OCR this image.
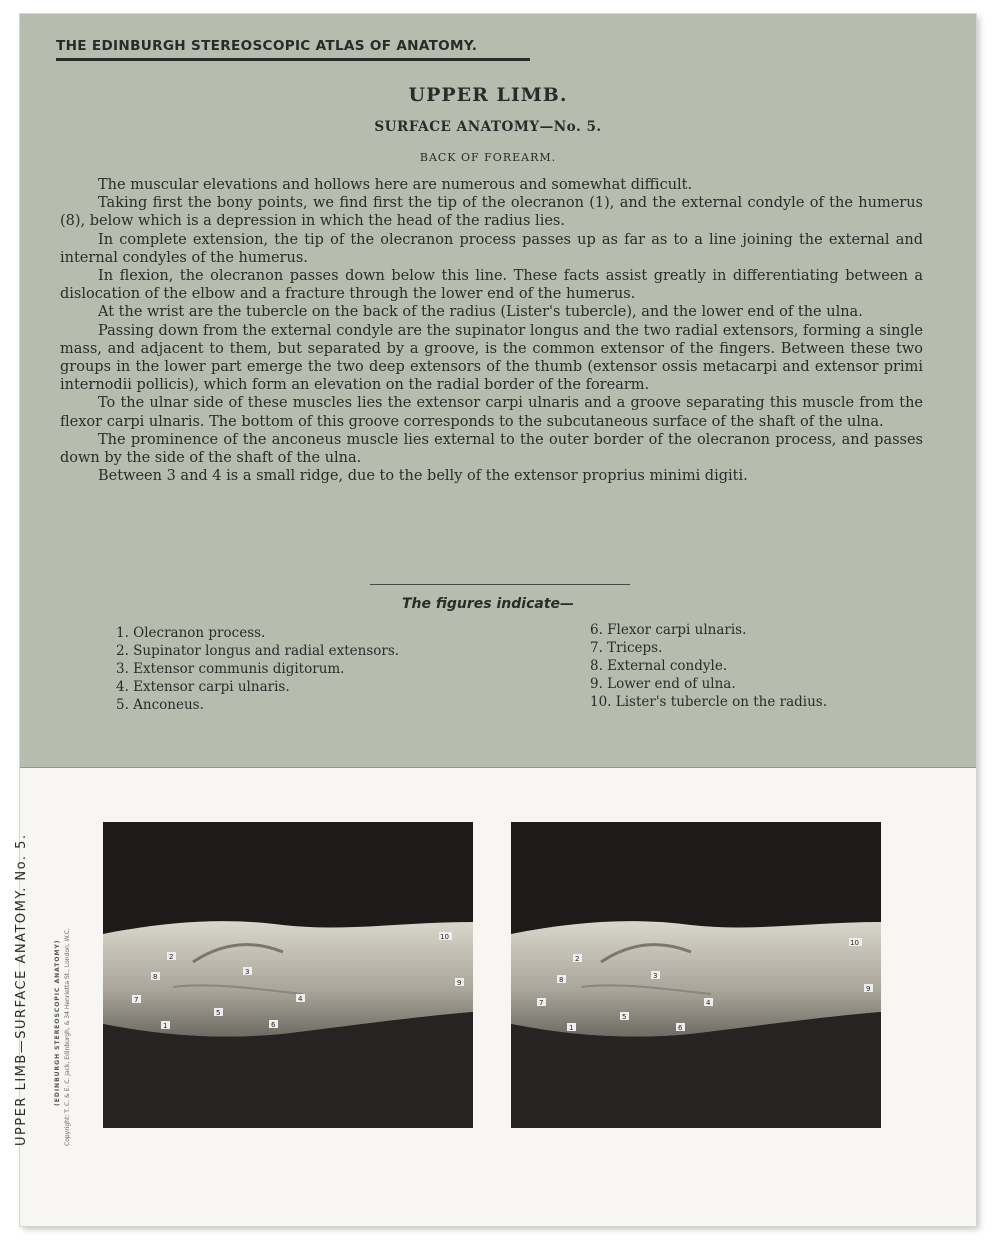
THE EDINBURGH STEREOSCOPIC ATLAS OF ANATOMY.
UPPER LIMB.
SURFACE ANATOMY—No. 5.
BACK OF FOREARM.

The muscular elevations and hollows here are numerous and somewhat difficult.

Taking first the bony points, we find first the tip of the olecranon (1), and the external condyle of the humerus (8), below which is a depression in which the head of the radius lies.

In complete extension, the tip of the olecranon process passes up as far as to a line joining the external and internal condyles of the humerus.

In flexion, the olecranon passes down below this line. These facts assist greatly in differentiating between a dislocation of the elbow and a fracture through the lower end of the humerus.

At the wrist are the tubercle on the back of the radius (Lister's tubercle), and the lower end of the ulna.

Passing down from the external condyle are the supinator longus and the two radial extensors, forming a single mass, and adjacent to them, but separated by a groove, is the common extensor of the fingers. Between these two groups in the lower part emerge the two deep extensors of the thumb (extensor ossis metacarpi and extensor primi internodii pollicis), which form an elevation on the radial border of the forearm.

To the ulnar side of these muscles lies the extensor carpi ulnaris and a groove separating this muscle from the flexor carpi ulnaris. The bottom of this groove corresponds to the subcutaneous surface of the shaft of the ulna.

The prominence of the anconeus muscle lies external to the outer border of the olecranon process, and passes down by the side of the shaft of the ulna.

Between 3 and 4 is a small ridge, due to the belly of the extensor proprius minimi digiti.

The figures indicate—
1. Olecranon process.
2. Supinator longus and radial extensors.
3. Extensor communis digitorum.
4. Extensor carpi ulnaris.
5. Anconeus.
6. Flexor carpi ulnaris.
7. Triceps.
8. External condyle.
9. Lower end of ulna.
10. Lister's tubercle on the radius.
UPPER LIMB—SURFACE ANATOMY. No. 5.	(EDINBURGH STEREOSCOPIC ANATOMY) Copyright: T. C. & E. C. Jack, Edinburgh, & 34 Henrietta St., London, W.C.	1
2
3
4
5
6
7
8
9
10
1
2
3
4
5
6
7
8
9
10
